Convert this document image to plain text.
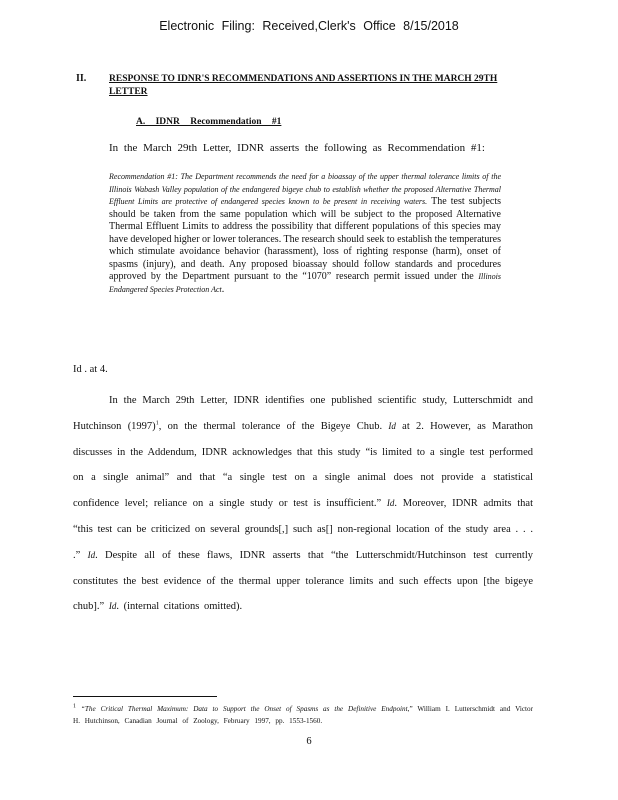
Electronic Filing: Received,Clerk's Office 8/15/2018
II. RESPONSE TO IDNR'S RECOMMENDATIONS AND ASSERTIONS IN THE MARCH 29TH LETTER
A. IDNR Recommendation #1
In the March 29th Letter, IDNR asserts the following as Recommendation #1:
Recommendation #1: The Department recommends the need for a bioassay of the upper thermal tolerance limits of the Illinois Wabash Valley population of the endangered bigeye chub to establish whether the proposed Alternative Thermal Effluent Limits are protective of endangered species known to be present in receiving waters. The test subjects should be taken from the same population which will be subject to the proposed Alternative Thermal Effluent Limits to address the possibility that different populations of this species may have developed higher or lower tolerances. The research should seek to establish the temperatures which stimulate avoidance behavior (harassment), loss of righting response (harm), onset of spasms (injury), and death. Any proposed bioassay should follow standards and procedures approved by the Department pursuant to the “1070” research permit issued under the Illinois Endangered Species Protection Act.
Id . at 4.
In the March 29th Letter, IDNR identifies one published scientific study, Lutterschmidt and Hutchinson $(1997)^1$, on the thermal tolerance of the Bigeye Chub. Id at 2. However, as Marathon discusses in the Addendum, IDNR acknowledges that this study “is limited to a single test performed on a single animal” and that “a single test on a single animal does not provide a statistical confidence level; reliance on a single study or test is insufficient.” Id. Moreover, IDNR admits that “this test can be criticized on several grounds[,] such as[] non-regional location of the study area . . . .” Id. Despite all of these flaws, IDNR asserts that “the Lutterschmidt/Hutchinson test currently constitutes the best evidence of the thermal upper tolerance limits and such effects upon [the bigeye chub].” Id. (internal citations omitted).
$^1$ “The Critical Thermal Maximum: Data to Support the Onset of Spasms as the Definitive Endpoint,” William I. Lutterschmidt and Victor H. Hutchinson, Canadian Journal of Zoology, February 1997, pp. 1553-1560.
6
